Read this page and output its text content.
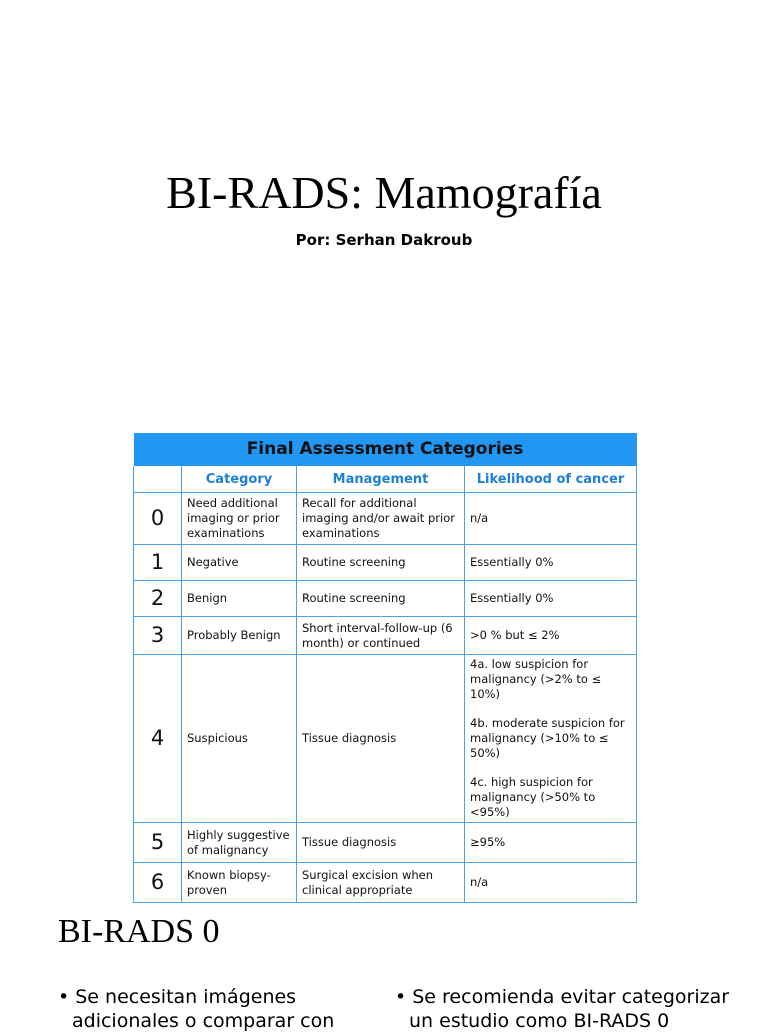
BI-RADS: Mamografía
Por: Serhan Dakroub
Final Assessment Categories			
	Category	Management	Likelihood of cancer
0	Need additional imaging or prior examinations	Recall for additional imaging and/or await prior examinations	n/a

1	Negative	Routine screening	Essentially 0%

2	Benign	Routine screening	Essentially 0%

3	Probably Benign	Short interval-follow-up (6 month) or continued	>0 % but ≤ 2%

4	Suspicious	Tissue diagnosis	4a. low suspicion for malignancy (>2% to ≤ 10%)
4b. moderate suspicion for malignancy (>10% to ≤ 50%)
4c. high suspicion for malignancy (>50% to <95%)

5	Highly suggestive of malignancy	Tissue diagnosis	≥95%

6	Known biopsy-proven	Surgical excision when clinical appropriate	n/a
BI-RADS 0
• Se necesitan imágenes adicionales o comparar con
• Se recomienda evitar categorizar un estudio como BI-RADS 0
